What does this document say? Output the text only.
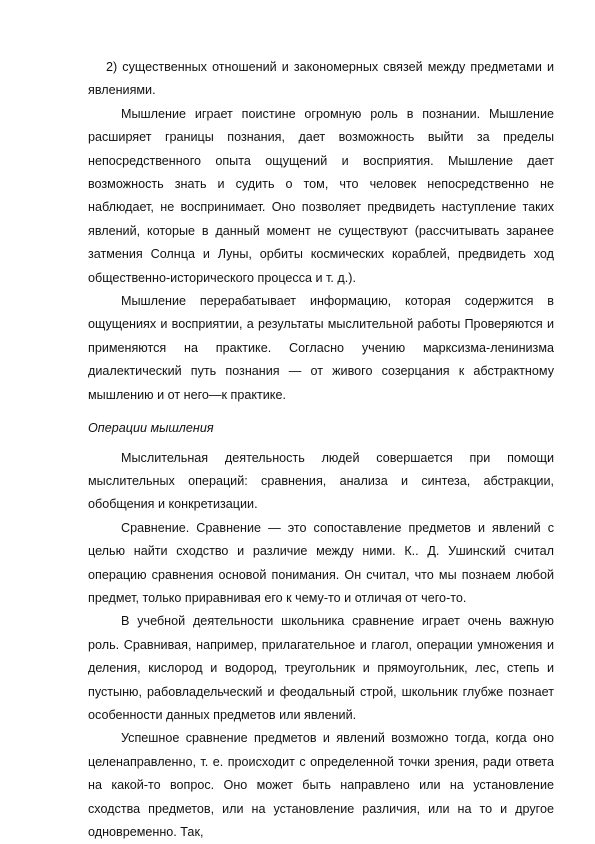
2) существенных отношений и закономерных связей между предметами и явлениями.

Мышление играет поистине огромную роль в познании. Мышление расширяет границы познания, дает возможность выйти за пределы непосредственного опыта ощущений и восприятия. Мышление дает возможность знать и судить о том, что человек непосредственно не наблюдает, не воспринимает. Оно позволяет предвидеть наступление таких явлений, которые в данный момент не существуют (рассчитывать заранее затмения Солнца и Луны, орбиты космических кораблей, предвидеть ход общественно-исторического процесса и т. д.).

Мышление перерабатывает информацию, которая содержится в ощущениях и восприятии, а результаты мыслительной работы Проверяются и применяются на практике. Согласно учению марксизма-ленинизма диалектический путь познания — от живого созерцания к абстрактному мышлению и от него—к практике.

Операции мышления

Мыслительная деятельность людей совершается при помощи мыслительных операций: сравнения, анализа и синтеза, абстракции, обобщения и конкретизации.

Сравнение. Сравнение — это сопоставление предметов и явлений с целью найти сходство и различие между ними. К.. Д. Ушинский считал операцию сравнения основой понимания. Он считал, что мы познаем любой предмет, только приравнивая его к чему-то и отличая от чего-то.

В учебной деятельности школьника сравнение играет очень важную роль. Сравнивая, например, прилагательное и глагол, операции умножения и деления, кислород и водород, треугольник и прямоугольник, лес, степь и пустыню, рабовладельческий и феодальный строй, школьник глубже познает особенности данных предметов или явлений.

Успешное сравнение предметов и явлений возможно тогда, когда оно целенаправленно, т. е. происходит с определенной точки зрения, ради ответа на какой-то вопрос. Оно может быть направлено или на установление сходства предметов, или на установление различия, или на то и другое одновременно. Так,
